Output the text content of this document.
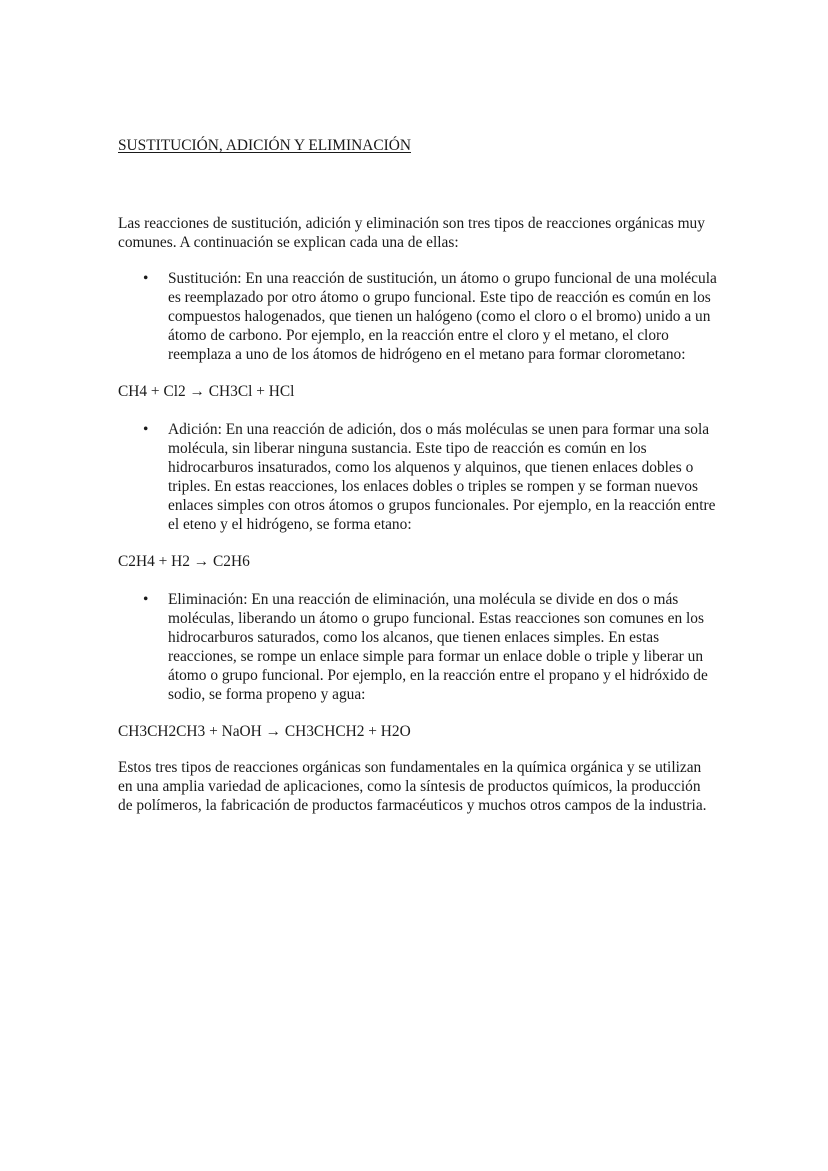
SUSTITUCIÓN, ADICIÓN Y ELIMINACIÓN

Las reacciones de sustitución, adición y eliminación son tres tipos de reacciones orgánicas muy comunes. A continuación se explican cada una de ellas:

• Sustitución: En una reacción de sustitución, un átomo o grupo funcional de una molécula es reemplazado por otro átomo o grupo funcional. Este tipo de reacción es común en los compuestos halogenados, que tienen un halógeno (como el cloro o el bromo) unido a un átomo de carbono. Por ejemplo, en la reacción entre el cloro y el metano, el cloro reemplaza a uno de los átomos de hidrógeno en el metano para formar clorometano:

CH4 + Cl2 → CH3Cl + HCl

• Adición: En una reacción de adición, dos o más moléculas se unen para formar una sola molécula, sin liberar ninguna sustancia. Este tipo de reacción es común en los hidrocarburos insaturados, como los alquenos y alquinos, que tienen enlaces dobles o triples. En estas reacciones, los enlaces dobles o triples se rompen y se forman nuevos enlaces simples con otros átomos o grupos funcionales. Por ejemplo, en la reacción entre el eteno y el hidrógeno, se forma etano:

C2H4 + H2 → C2H6

• Eliminación: En una reacción de eliminación, una molécula se divide en dos o más moléculas, liberando un átomo o grupo funcional. Estas reacciones son comunes en los hidrocarburos saturados, como los alcanos, que tienen enlaces simples. En estas reacciones, se rompe un enlace simple para formar un enlace doble o triple y liberar un átomo o grupo funcional. Por ejemplo, en la reacción entre el propano y el hidróxido de sodio, se forma propeno y agua:

CH3CH2CH3 + NaOH → CH3CHCH2 + H2O

Estos tres tipos de reacciones orgánicas son fundamentales en la química orgánica y se utilizan en una amplia variedad de aplicaciones, como la síntesis de productos químicos, la producción de polímeros, la fabricación de productos farmacéuticos y muchos otros campos de la industria.
